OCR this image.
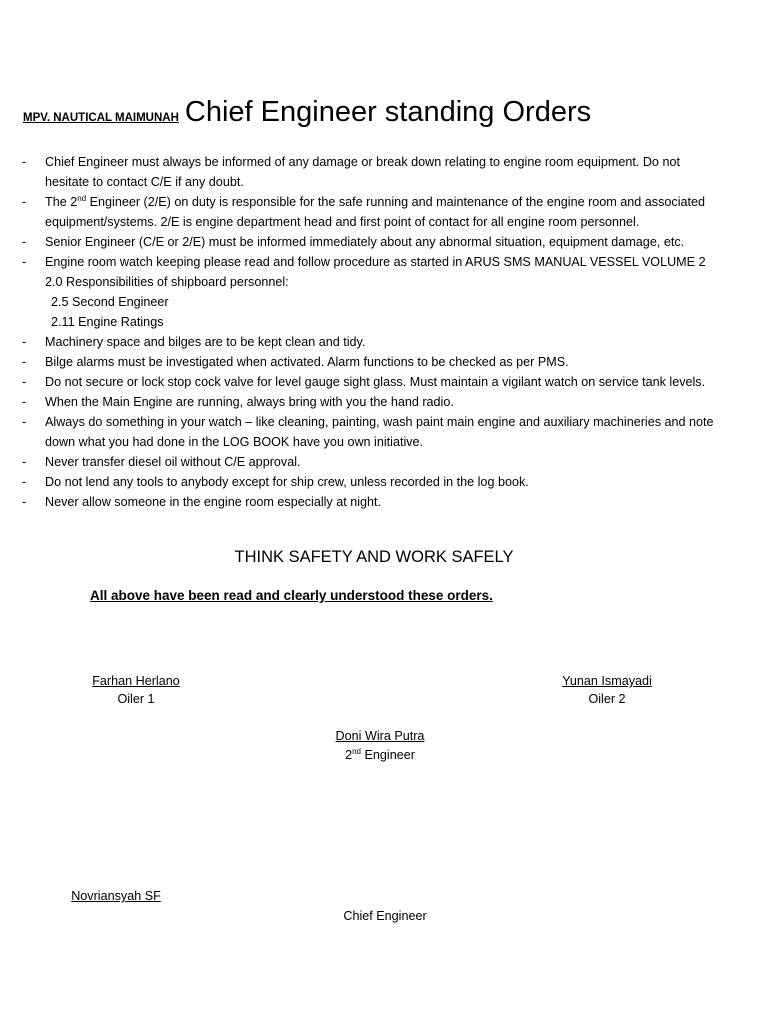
MPV. NAUTICAL MAIMUNAH Chief Engineer standing Orders
- Chief Engineer must always be informed of any damage or break down relating to engine room equipment. Do not hesitate to contact C/E if any doubt.
- The 2nd Engineer (2/E) on duty is responsible for the safe running and maintenance of the engine room and associated equipment/systems. 2/E is engine department head and first point of contact for all engine room personnel.
- Senior Engineer (C/E or 2/E) must be informed immediately about any abnormal situation, equipment damage, etc.
- Engine room watch keeping please read and follow procedure as started in ARUS SMS MANUAL VESSEL VOLUME 2
2.0 Responsibilities of shipboard personnel:
2.5 Second Engineer
2.11 Engine Ratings
- Machinery space and bilges are to be kept clean and tidy.
- Bilge alarms must be investigated when activated. Alarm functions to be checked as per PMS.
- Do not secure or lock stop cock valve for level gauge sight glass. Must maintain a vigilant watch on service tank levels.
- When the Main Engine are running, always bring with you the hand radio.
- Always do something in your watch – like cleaning, painting, wash paint main engine and auxiliary machineries and note down what you had done in the LOG BOOK have you own initiative.
- Never transfer diesel oil without C/E approval.
- Do not lend any tools to anybody except for ship crew, unless recorded in the log book.
- Never allow someone in the engine room especially at night.
THINK SAFETY AND WORK SAFELY
All above have been read and clearly understood these orders.
Farhan Herlano
Oiler 1
Yunan Ismayadi
Oiler 2
Doni Wira Putra
2nd Engineer
Novriansyah SF
Chief Engineer
